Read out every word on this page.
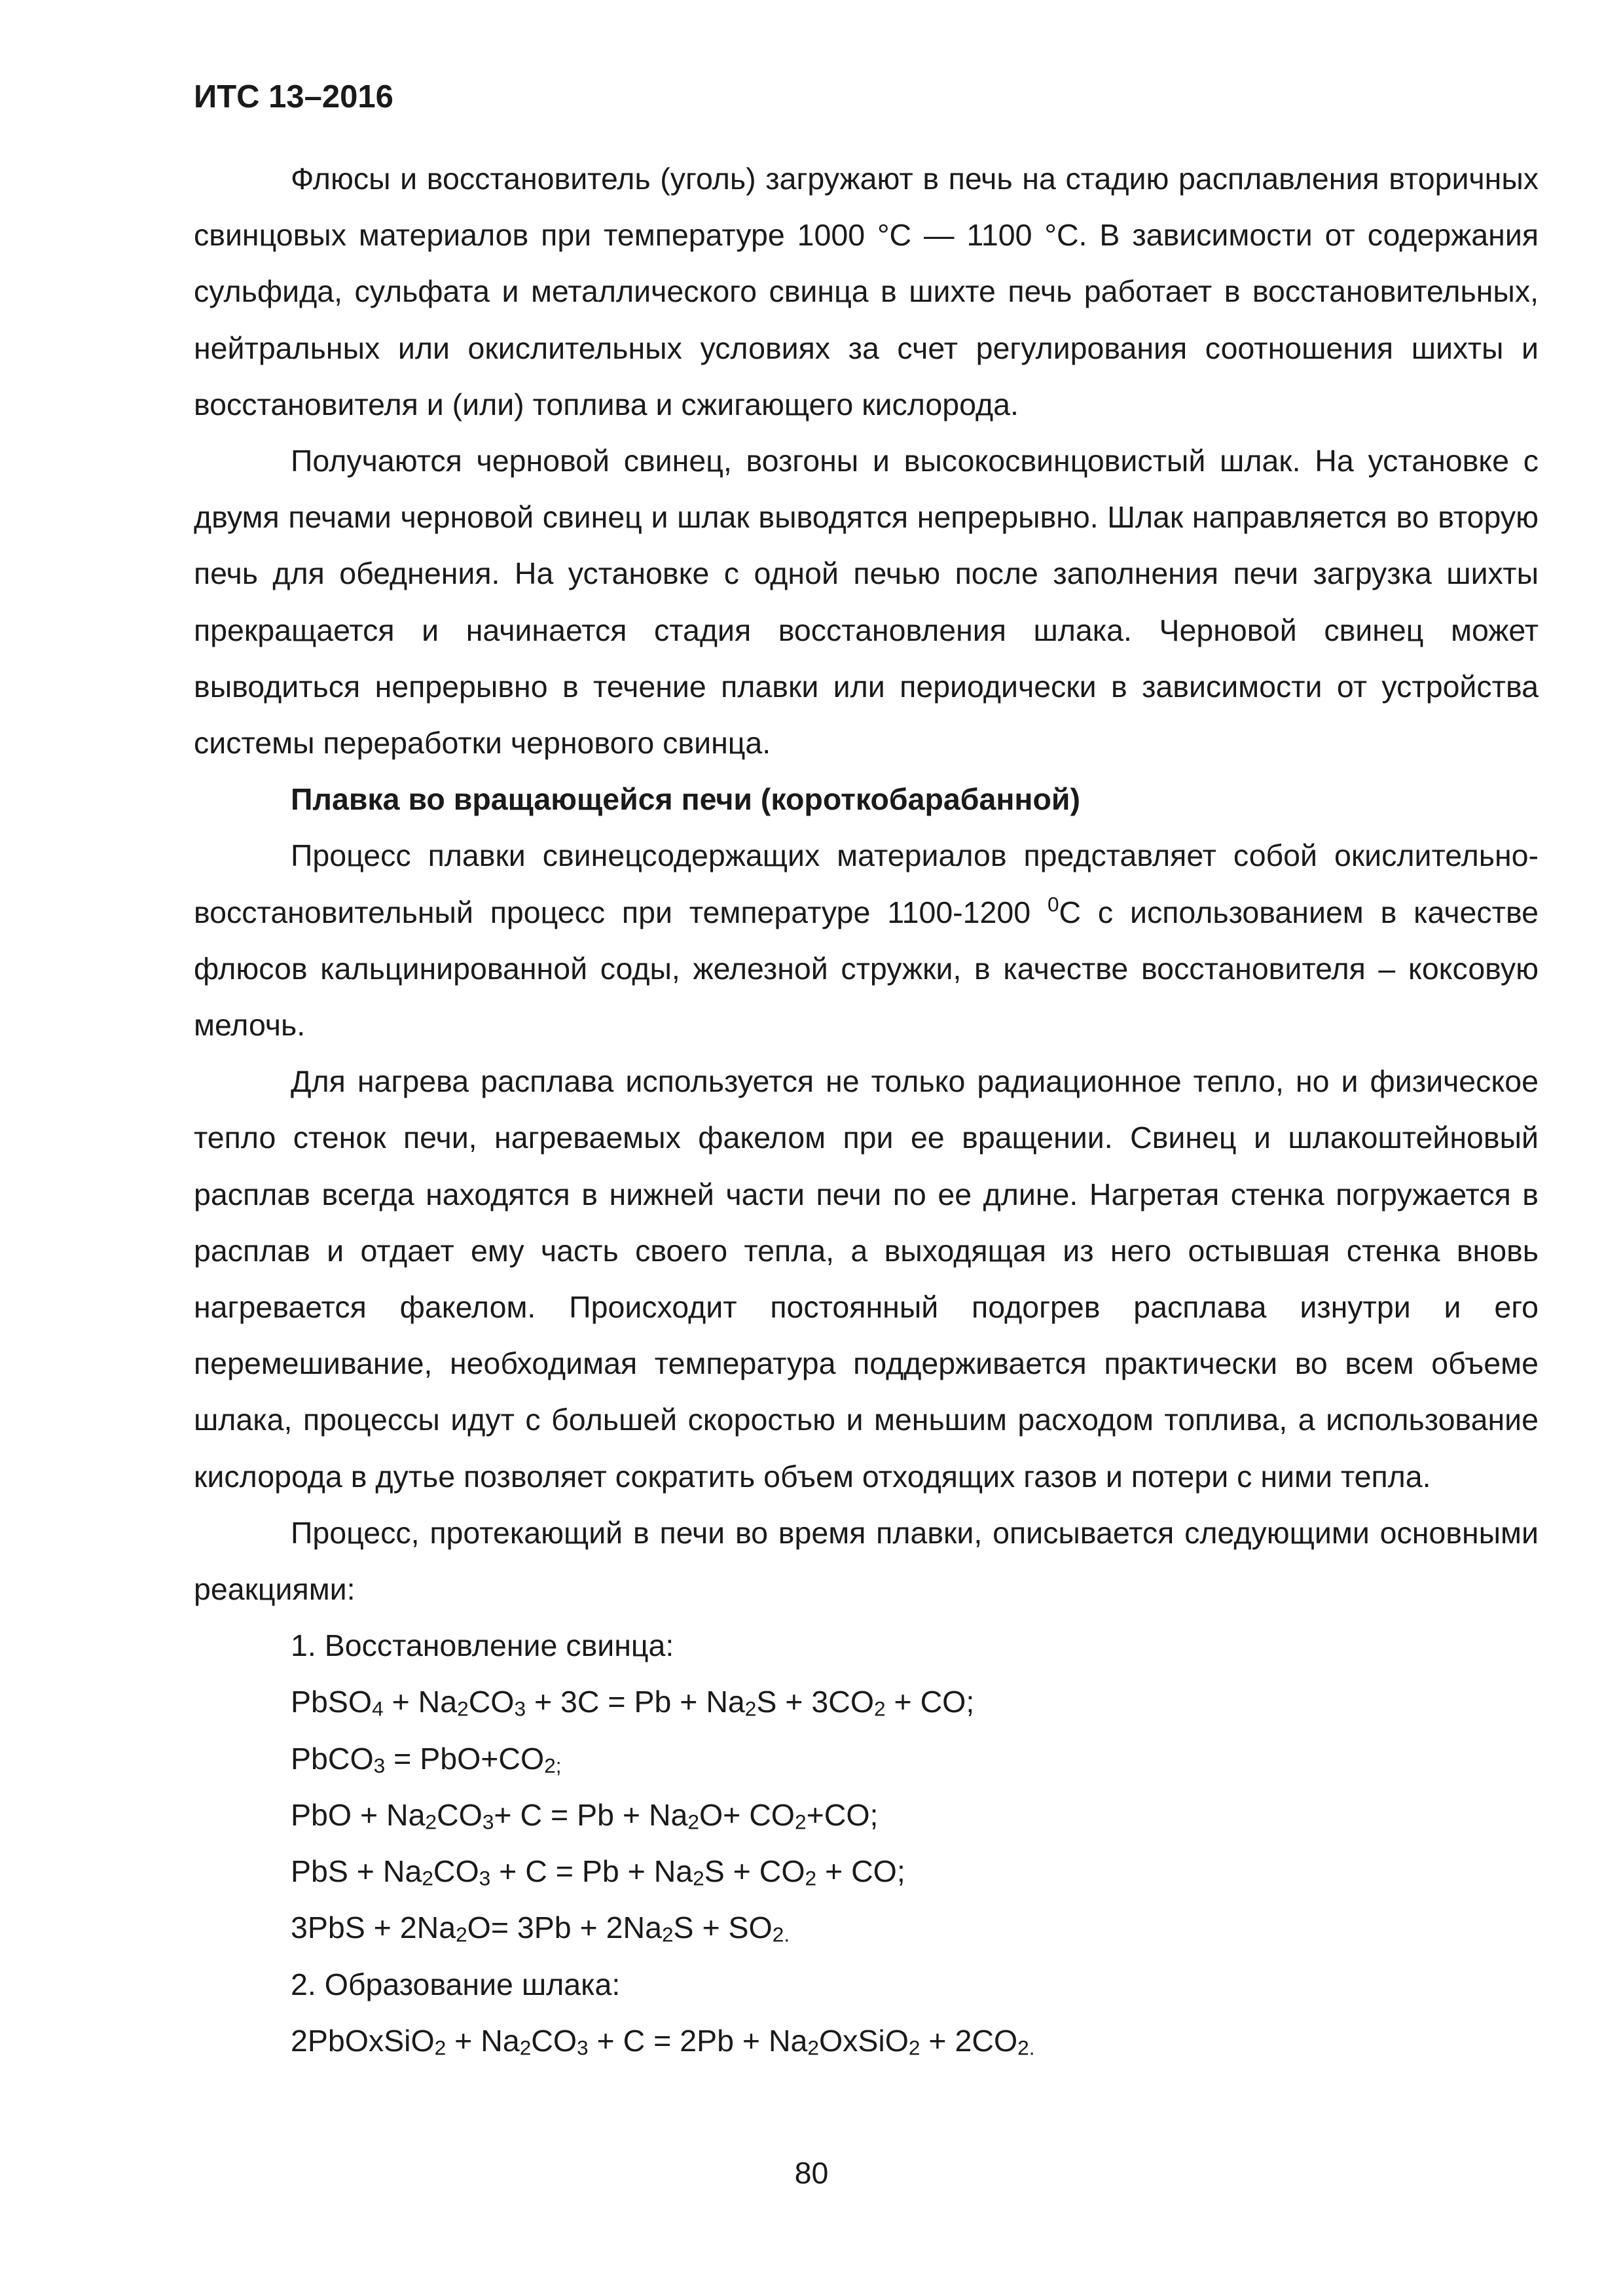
ИТС 13–2016

Флюсы и восстановитель (уголь) загружают в печь на стадию расплавления вторичных свинцовых материалов при температуре 1000 °C — 1100 °C. В зависимости от содержания сульфида, сульфата и металлического свинца в шихте печь работает в восстановительных, нейтральных или окислительных условиях за счет регулирования соотношения шихты и восстановителя и (или) топлива и сжигающего кислорода.

Получаются черновой свинец, возгоны и высокосвинцовистый шлак. На установке с двумя печами черновой свинец и шлак выводятся непрерывно. Шлак направляется во вторую печь для обеднения. На установке с одной печью после заполнения печи загрузка шихты прекращается и начинается стадия восстановления шлака. Черновой свинец может выводиться непрерывно в течение плавки или периодически в зависимости от устройства системы переработки чернового свинца.

Плавка во вращающейся печи (короткобарабанной)

Процесс плавки свинецсодержащих материалов представляет собой окислительно-восстановительный процесс при температуре 1100-1200 $^0$С с использованием в качестве флюсов кальцинированной соды, железной стружки, в качестве восстановителя – коксовую мелочь.

Для нагрева расплава используется не только радиационное тепло, но и физическое тепло стенок печи, нагреваемых факелом при ее вращении. Свинец и шлакоштейновый расплав всегда находятся в нижней части печи по ее длине. Нагретая стенка погружается в расплав и отдает ему часть своего тепла, а выходящая из него остывшая стенка вновь нагревается факелом. Происходит постоянный подогрев расплава изнутри и его перемешивание, необходимая температура поддерживается практически во всем объеме шлака, процессы идут с большей скоростью и меньшим расходом топлива, а использование кислорода в дутье позволяет сократить объем отходящих газов и потери с ними тепла.

Процесс, протекающий в печи во время плавки, описывается следующими основными реакциями:

1. Восстановление свинца:

PbSO$_4$ + $Na_2CO_3 + 3C = Pb + Na_2S + 3CO_2$ + CO;

PbCO$_3$ = $PbO+CO_{2;}$

PbO + $Na_2CO_3+ C = Pb + Na_2O+ CO_2+CO$;

PbS + $Na_2CO_3 + C = Pb + Na_2S + CO_2$ + CO;

$3PbS + 2Na_2O= 3Pb + 2Na_2S + SO_{2.}$

2. Образование шлака:

2PbOxSiO$_2$ + $Na_2CO_3 + C = 2Pb$ + $Na_2OxSiO_2 + 2CO_{2.}$

80
